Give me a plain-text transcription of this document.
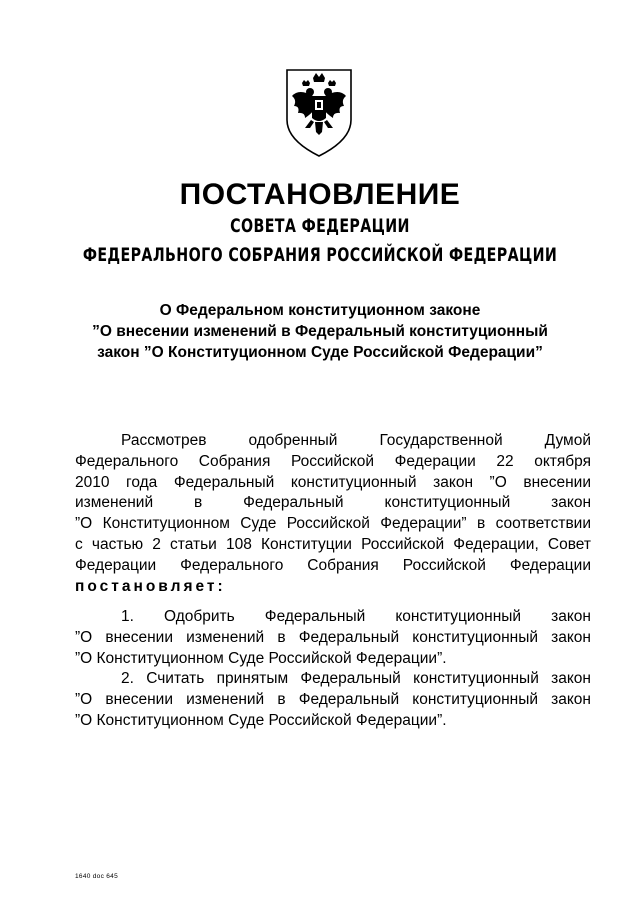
ПОСТАНОВЛЕНИЕ
СОВЕТА ФЕДЕРАЦИИ
ФЕДЕРАЛЬНОГО СОБРАНИЯ РОССИЙСКОЙ ФЕДЕРАЦИИ
О Федеральном конституционном законе
”О внесении изменений в Федеральный конституционный
закон ”О Конституционном Суде Российской Федерации”
Рассмотрев одобренный Государственной Думой
Федерального Собрания Российской Федерации 22 октября
2010 года Федеральный конституционный закон ”О внесении
изменений в Федеральный конституционный закон
”О Конституционном Суде Российской Федерации” в соответствии
с частью 2 статьи 108 Конституции Российской Федерации, Совет
Федерации Федерального Собрания Российской Федерации
постановляет:
1. Одобрить Федеральный конституционный закон
”О внесении изменений в Федеральный конституционный закон
”О Конституционном Суде Российской Федерации”.
2. Считать принятым Федеральный конституционный закон
”О внесении изменений в Федеральный конституционный закон
”О Конституционном Суде Российской Федерации”.
1640 doc 645
